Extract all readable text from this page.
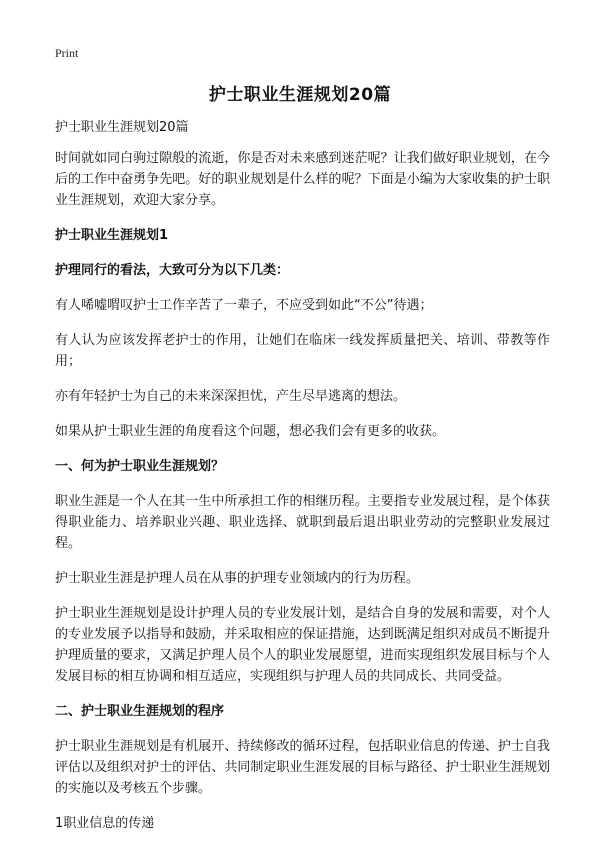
Print
护士职业生涯规划20篇

护士职业生涯规划20篇

时间就如同白驹过隙般的流逝，你是否对未来感到迷茫呢？让我们做好职业规划，在今后的工作中奋勇争先吧。好的职业规划是什么样的呢？下面是小编为大家收集的护士职业生涯规划，欢迎大家分享。

护士职业生涯规划1

护理同行的看法，大致可分为以下几类：

有人唏嘘喟叹护士工作辛苦了一辈子，不应受到如此“不公”待遇；

有人认为应该发挥老护士的作用，让她们在临床一线发挥质量把关、培训、带教等作用；

亦有年轻护士为自己的未来深深担忧，产生尽早逃离的想法。

如果从护士职业生涯的角度看这个问题，想必我们会有更多的收获。

一、何为护士职业生涯规划？

职业生涯是一个人在其一生中所承担工作的相继历程。主要指专业发展过程，是个体获得职业能力、培养职业兴趣、职业选择、就职到最后退出职业劳动的完整职业发展过程。

护士职业生涯是护理人员在从事的护理专业领域内的行为历程。

护士职业生涯规划是设计护理人员的专业发展计划，是结合自身的发展和需要，对个人的专业发展予以指导和鼓励，并采取相应的保证措施，达到既满足组织对成员不断提升护理质量的要求，又满足护理人员个人的职业发展愿望，进而实现组织发展目标与个人发展目标的相互协调和相互适应，实现组织与护理人员的共同成长、共同受益。

二、护士职业生涯规划的程序

护士职业生涯规划是有机展开、持续修改的循环过程，包括职业信息的传递、护士自我评估以及组织对护士的评估、共同制定职业生涯发展的目标与路径、护士职业生涯规划的实施以及考核五个步骤。

1职业信息的传递
